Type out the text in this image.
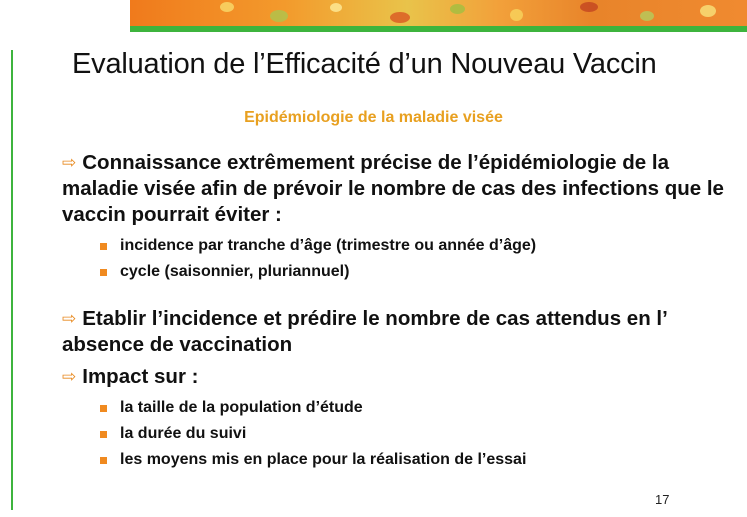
Evaluation de l’Efficacité d’un Nouveau Vaccin
Epidémiologie de la maladie visée
⇨ Connaissance extrêmement précise de l’épidémiologie de la maladie visée afin de prévoir le nombre de cas des infections que le vaccin pourrait éviter :
incidence par tranche d’âge (trimestre ou année d’âge)
cycle (saisonnier, pluriannuel)
⇨ Etablir l’incidence et prédire le nombre de cas attendus en l’ absence de vaccination
⇨ Impact sur :
la taille de la population d’étude
la durée du suivi
les moyens mis en place pour la réalisation de l’essai
17
